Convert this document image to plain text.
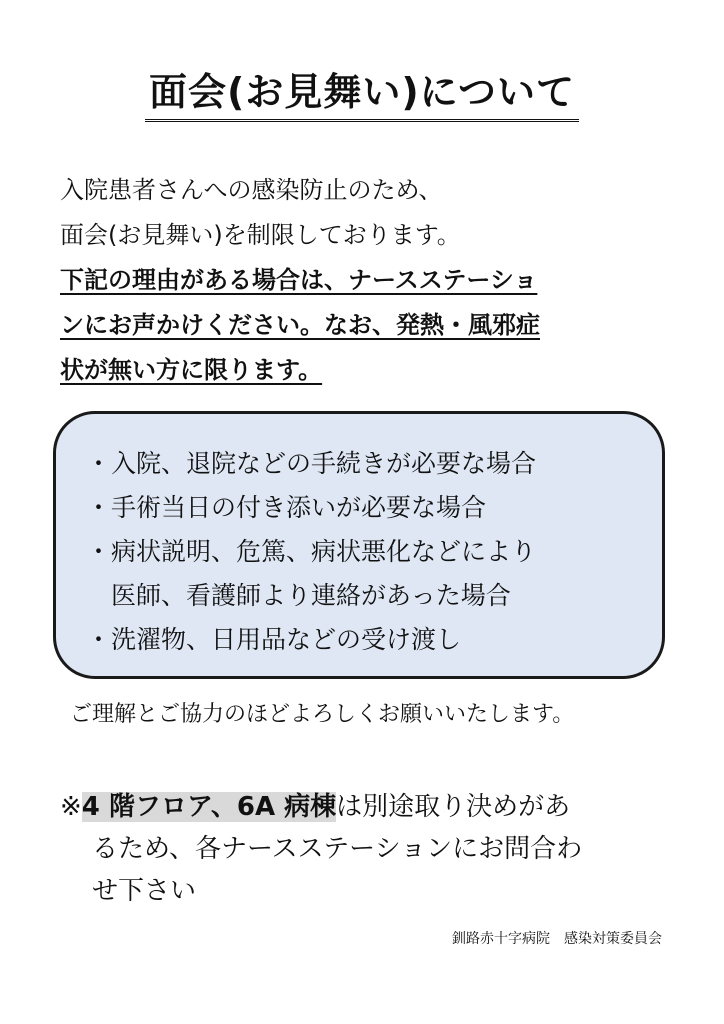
面会(お見舞い)について
入院患者さんへの感染防止のため、
面会(お見舞い)を制限しております。
下記の理由がある場合は、ナースステーショ
ンにお声かけください。なお、発熱・風邪症
状が無い方に限ります。
・入院、退院などの手続きが必要な場合
・手術当日の付き添いが必要な場合
・病状説明、危篤、病状悪化などにより
　医師、看護師より連絡があった場合
・洗濯物、日用品などの受け渡し
ご理解とご協力のほどよろしくお願いいたします。
※4 階フロア、6A 病棟は別途取り決めがあ
るため、各ナースステーションにお問合わ
せ下さい
釧路赤十字病院　感染対策委員会
